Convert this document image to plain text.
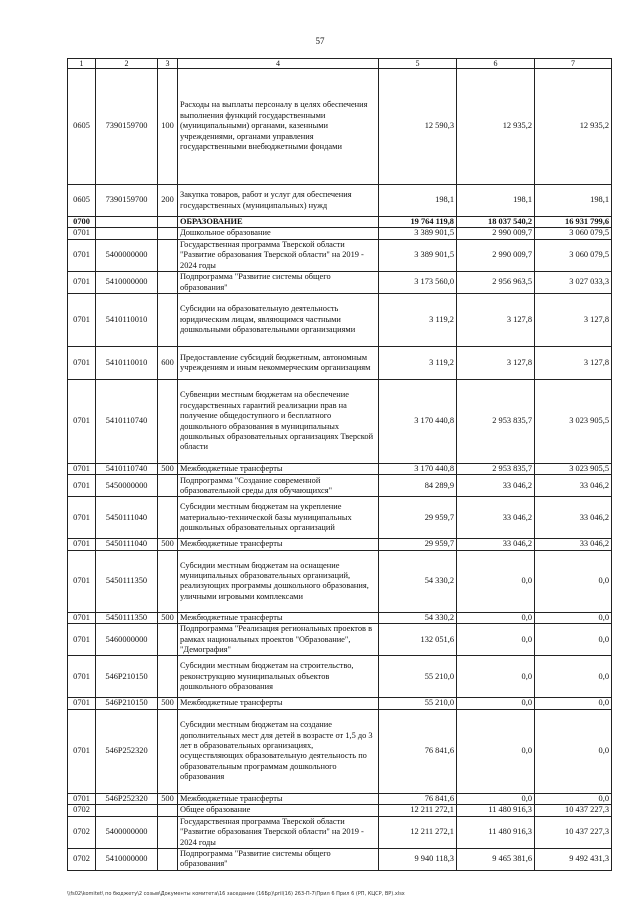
57
1	2	3	4	5	6	7
0605	7390159700	100	Расходы на выплаты персоналу в целях обеспечения выполнения функций государственными (муниципальными) органами, казенными учреждениями, органами управления государственными внебюджетными фондами	12 590,3	12 935,2	12 935,2
0605	7390159700	200	Закупка товаров, работ и услуг для обеспечения государственных (муниципальных) нужд	198,1	198,1	198,1
0700			ОБРАЗОВАНИЕ	19 764 119,8	18 037 540,2	16 931 799,6
0701			Дошкольное образование	3 389 901,5	2 990 009,7	3 060 079,5
0701	5400000000		Государственная программа Тверской области "Развитие образования Тверской области" на 2019 - 2024 годы	3 389 901,5	2 990 009,7	3 060 079,5
0701	5410000000		Подпрограмма "Развитие системы общего образования"	3 173 560,0	2 956 963,5	3 027 033,3
0701	5410110010		Субсидии на образовательную деятельность юридическим лицам, являющимся частными дошкольными образовательными организациями	3 119,2	3 127,8	3 127,8
0701	5410110010	600	Предоставление субсидий бюджетным, автономным учреждениям и иным некоммерческим организациям	3 119,2	3 127,8	3 127,8
0701	5410110740		Субвенции местным бюджетам на обеспечение государственных гарантий реализации прав на получение общедоступного и бесплатного дошкольного образования в муниципальных дошкольных образовательных организациях Тверской области	3 170 440,8	2 953 835,7	3 023 905,5
0701	5410110740	500	Межбюджетные трансферты	3 170 440,8	2 953 835,7	3 023 905,5
0701	5450000000		Подпрограмма "Создание современной образовательной среды для обучающихся"	84 289,9	33 046,2	33 046,2
0701	5450111040		Субсидии местным бюджетам на укрепление материально-технической базы муниципальных дошкольных образовательных организаций	29 959,7	33 046,2	33 046,2
0701	5450111040	500	Межбюджетные трансферты	29 959,7	33 046,2	33 046,2
0701	5450111350		Субсидии местным бюджетам на оснащение муниципальных образовательных организаций, реализующих программы дошкольного образования, уличными игровыми комплексами	54 330,2	0,0	0,0
0701	5450111350	500	Межбюджетные трансферты	54 330,2	0,0	0,0
0701	5460000000		Подпрограмма "Реализация региональных проектов в рамках национальных проектов "Образование", "Демография"	132 051,6	0,0	0,0
0701	546P210150		Субсидии местным бюджетам на строительство, реконструкцию муниципальных объектов дошкольного образования	55 210,0	0,0	0,0
0701	546P210150	500	Межбюджетные трансферты	55 210,0	0,0	0,0
0701	546P252320		Субсидии местным бюджетам на создание дополнительных мест для детей в возрасте от 1,5 до 3 лет в образовательных организациях, осуществляющих образовательную деятельность по образовательным программам дошкольного образования	76 841,6	0,0	0,0
0701	546P252320	500	Межбюджетные трансферты	76 841,6	0,0	0,0
0702			Общее образование	12 211 272,1	11 480 916,3	10 437 227,3
0702	5400000000		Государственная программа Тверской области "Развитие образования Тверской области" на 2019 - 2024 годы	12 211 272,1	11 480 916,3	10 437 227,3
0702	5410000000		Подпрограмма "Развитие системы общего образования"	9 940 118,3	9 465 381,6	9 492 431,3
\\fs02\komitet\ по бюджету\2 созыв\Документы комитета\16 заседание (16Бр)\pril(16) 263-П-7\Прил 6 Прил 6 (РП, КЦСР, ВР).xlsx
